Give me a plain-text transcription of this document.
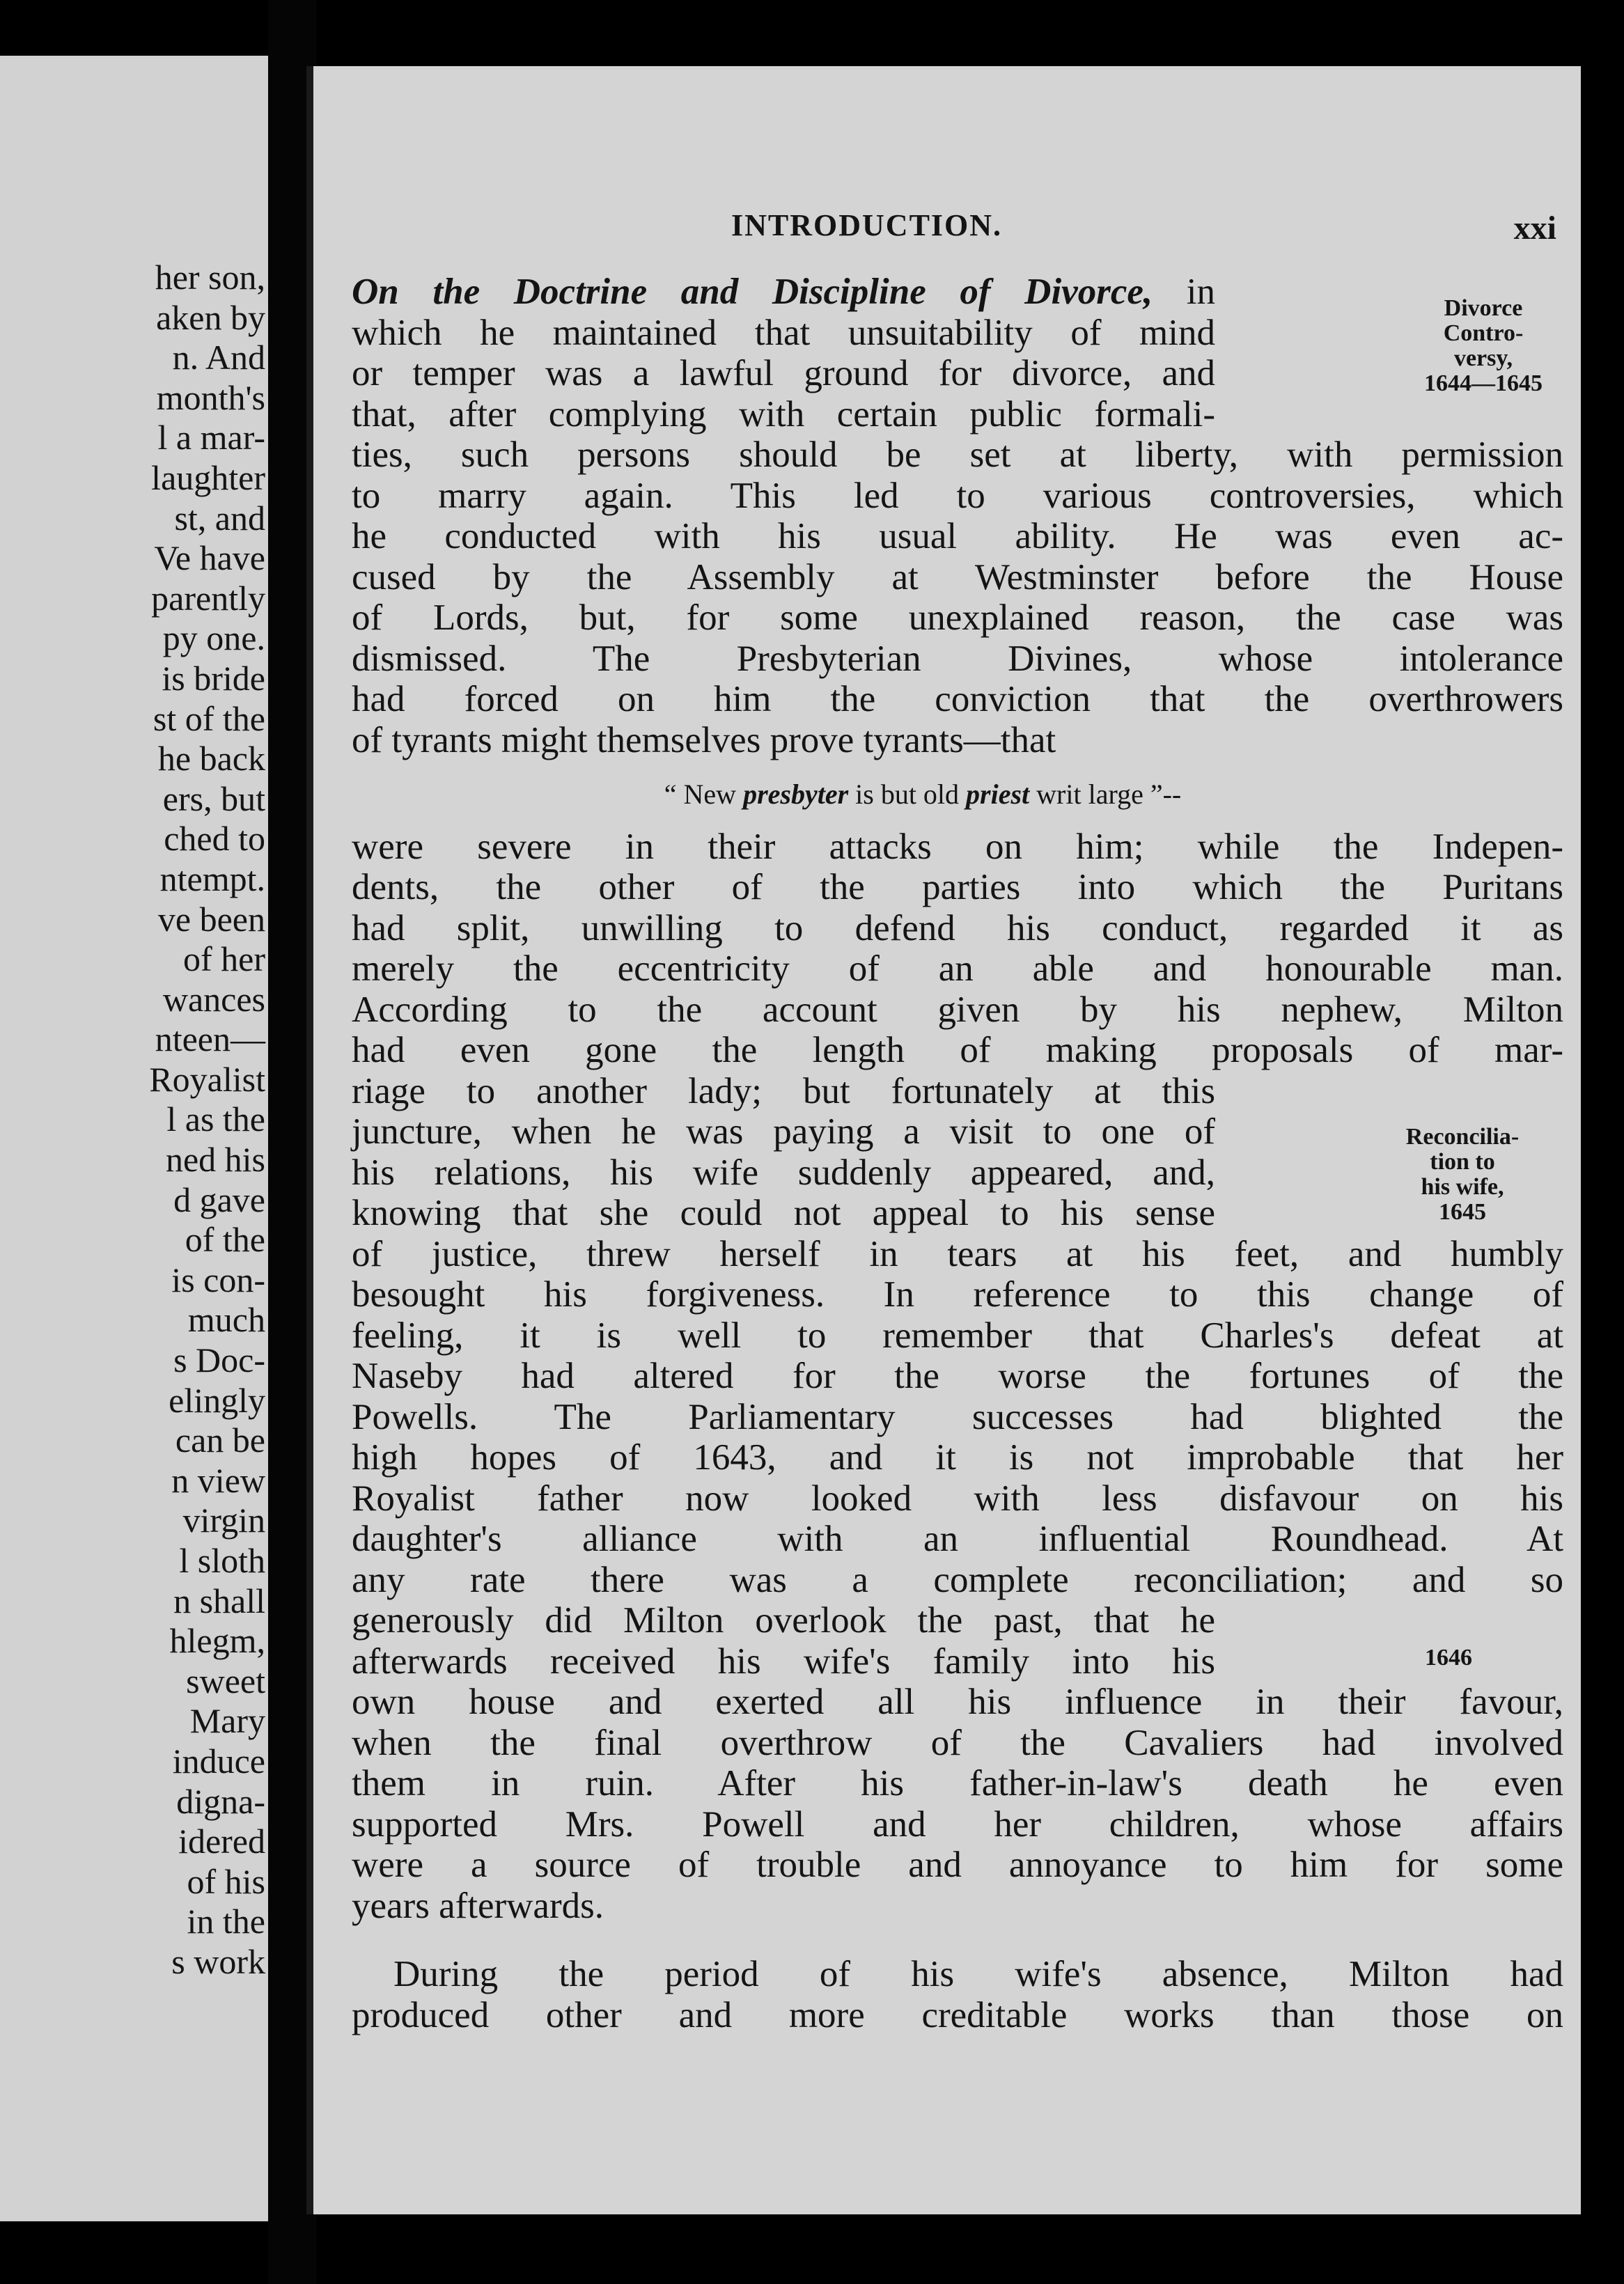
her son,
aken by
n. And
month's
l a mar-
laughter
st, and
Ve have
parently
py one.
is bride
st of the
he back
ers, but
ched to
ntempt.
ve been
of her
wances
nteen—
Royalist
l as the
ned his
d gave
of the
is con-
much
s Doc-
elingly
can be
n view
virgin
l sloth
n shall
hlegm,
sweet
Mary
induce
digna-
idered
of his
in the
s work
INTRODUCTION.	xxi
On the Doctrine and Discipline of Divorce, in
which he maintained that unsuitability of mind
or temper was a lawful ground for divorce, and
that, after complying with certain public formali-
ties, such persons should be set at liberty, with permission
to marry again. This led to various controversies, which
he conducted with his usual ability. He was even ac-
cused by the Assembly at Westminster before the House
of Lords, but, for some unexplained reason, the case was
dismissed. The Presbyterian Divines, whose intolerance
had forced on him the conviction that the overthrowers
of tyrants might themselves prove tyrants—that
“ New presbyter is but old priest writ large ”--
were severe in their attacks on him; while the Indepen-
dents, the other of the parties into which the Puritans
had split, unwilling to defend his conduct, regarded it as
merely the eccentricity of an able and honourable man.
According to the account given by his nephew, Milton
had even gone the length of making proposals of mar-
riage to another lady; but fortunately at this
juncture, when he was paying a visit to one of
his relations, his wife suddenly appeared, and,
knowing that she could not appeal to his sense
of justice, threw herself in tears at his feet, and humbly
besought his forgiveness. In reference to this change of
feeling, it is well to remember that Charles's defeat at
Naseby had altered for the worse the fortunes of the
Powells. The Parliamentary successes had blighted the
high hopes of 1643, and it is not improbable that her
Royalist father now looked with less disfavour on his
daughter's alliance with an influential Roundhead. At
any rate there was a complete reconciliation; and so
generously did Milton overlook the past, that he
afterwards received his wife's family into his
own house and exerted all his influence in their favour,
when the final overthrow of the Cavaliers had involved
them in ruin. After his father-in-law's death he even
supported Mrs. Powell and her children, whose affairs
were a source of trouble and annoyance to him for some
years afterwards.
During the period of his wife's absence, Milton had
produced other and more creditable works than those on
Divorce
Contro-
versy,
1644—1645
Reconcilia-
tion to
his wife,
1645
1646
